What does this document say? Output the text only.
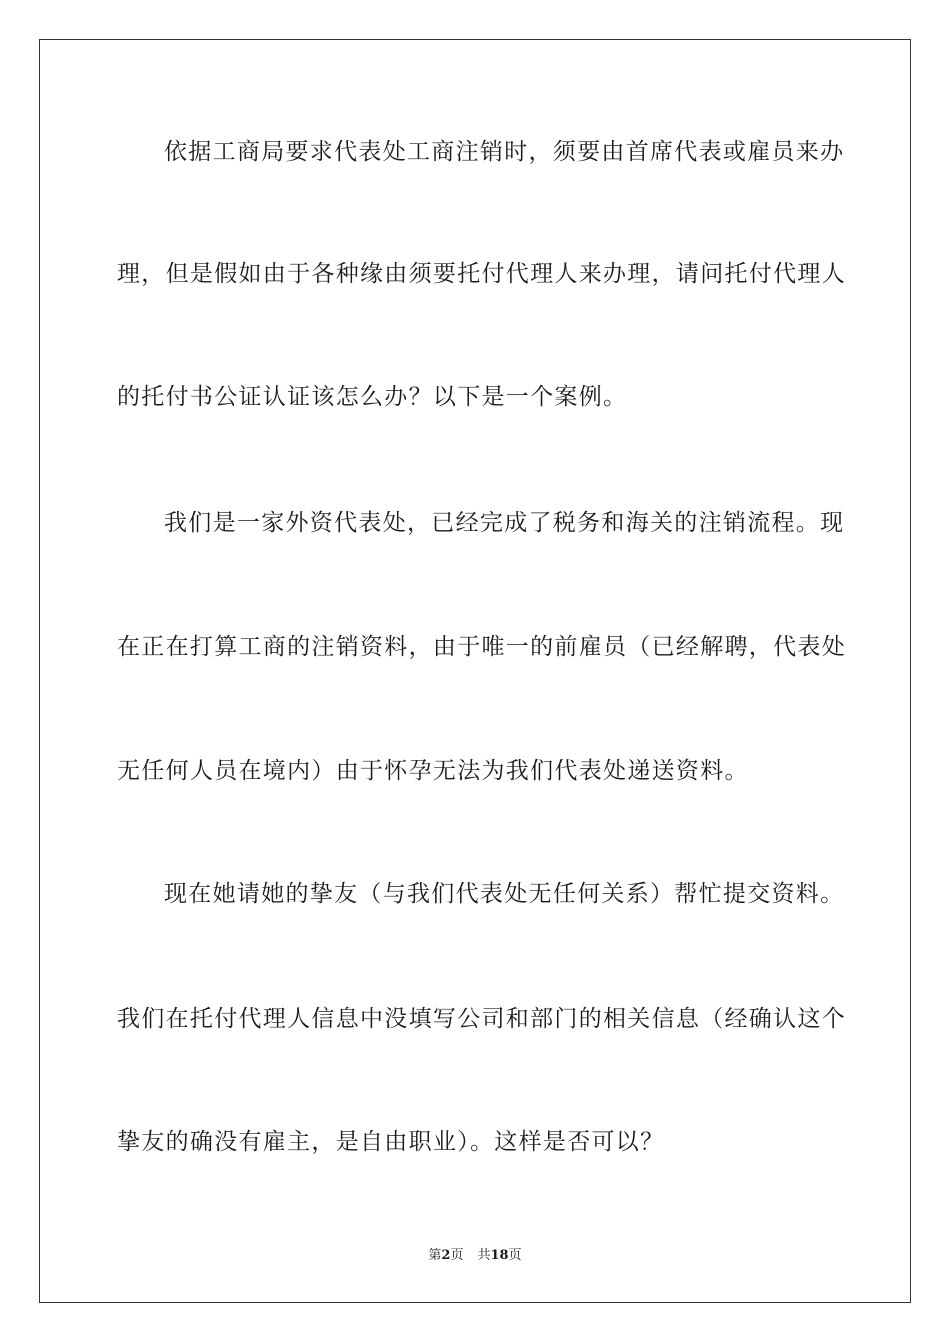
依据工商局要求代表处工商注销时，须要由首席代表或雇员来办
理，但是假如由于各种缘由须要托付代理人来办理，请问托付代理人
的托付书公证认证该怎么办？以下是一个案例。
我们是一家外资代表处，已经完成了税务和海关的注销流程。现
在正在打算工商的注销资料，由于唯一的前雇员（已经解聘，代表处
无任何人员在境内）由于怀孕无法为我们代表处递送资料。
现在她请她的挚友（与我们代表处无任何关系）帮忙提交资料。
我们在托付代理人信息中没填写公司和部门的相关信息（经确认这个
挚友的确没有雇主，是自由职业）。这样是否可以？
第2页 共18页
